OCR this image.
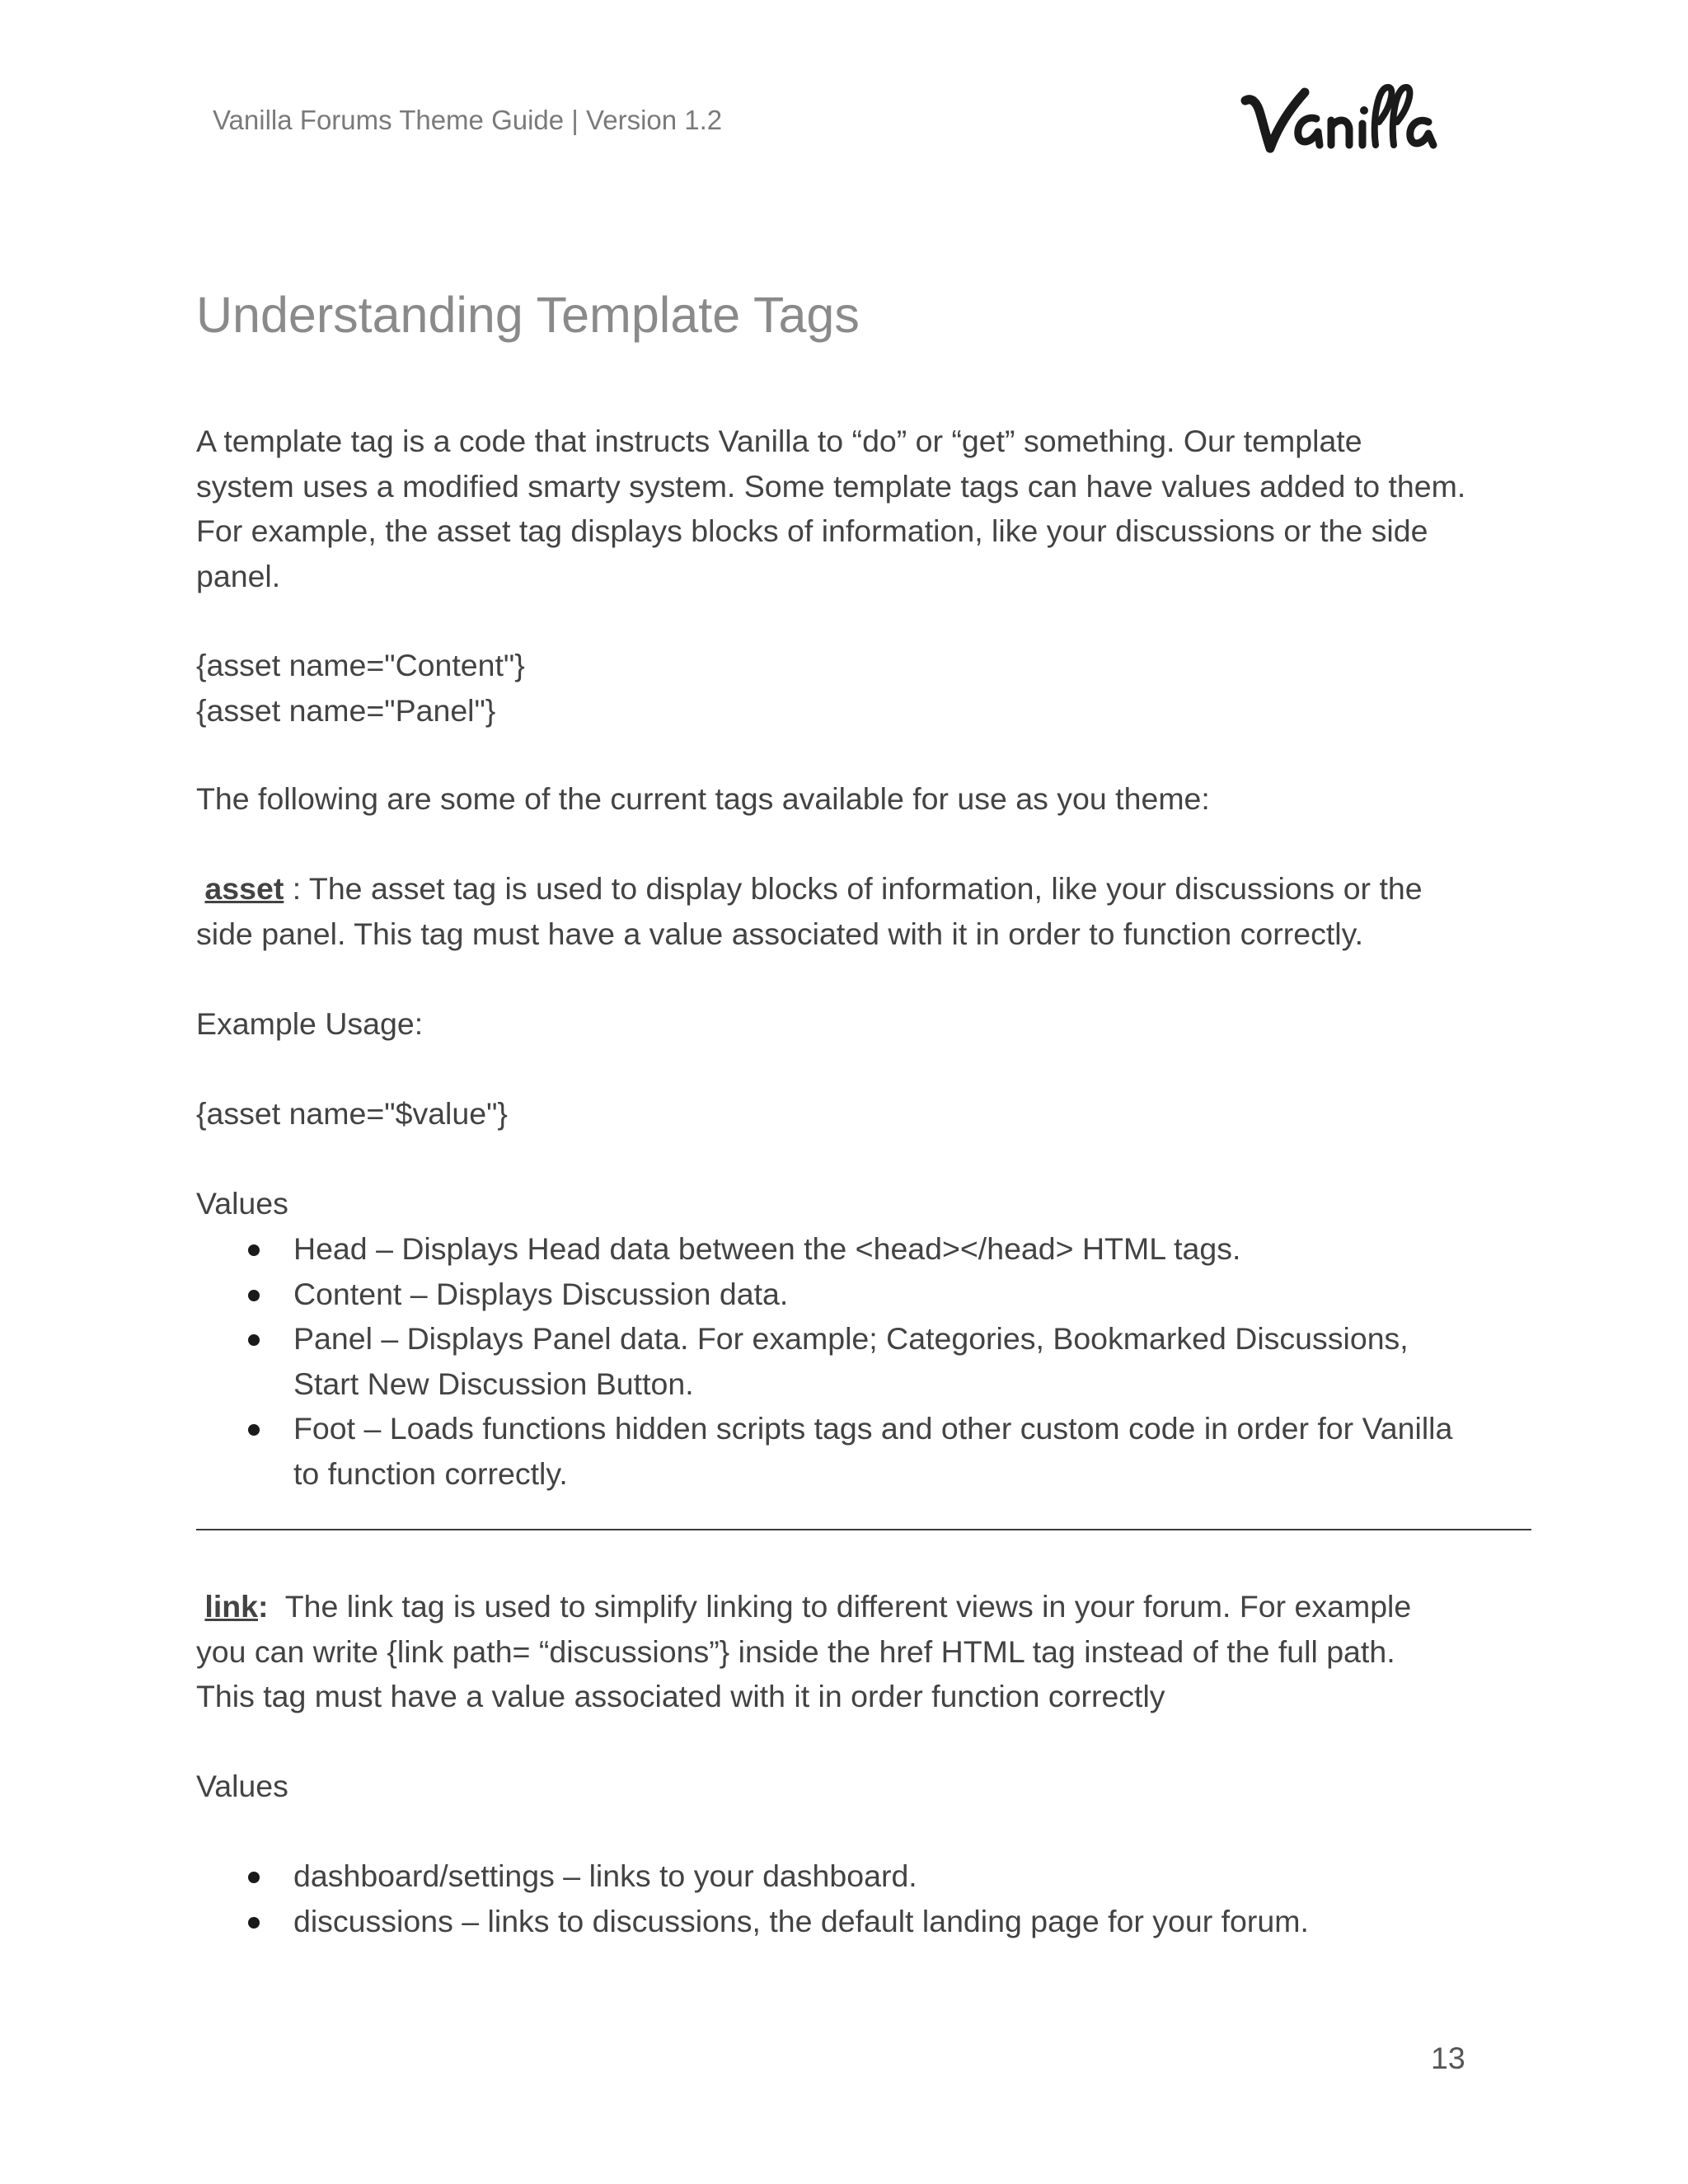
Vanilla Forums Theme Guide | Version 1.2
Understanding Template Tags
A template tag is a code that instructs Vanilla to “do” or “get” something. Our template
system uses a modified smarty system. Some template tags can have values added to them.
For example, the asset tag displays blocks of information, like your discussions or the side
panel.
{asset name="Content"}
{asset name="Panel"}
The following are some of the current tags available for use as you theme:
asset : The asset tag is used to display blocks of information, like your discussions or the
side panel. This tag must have a value associated with it in order to function correctly.
Example Usage:
{asset name="$value"}
Values
Head – Displays Head data between the <head></head> HTML tags.
Content – Displays Discussion data.
Panel – Displays Panel data. For example; Categories, Bookmarked Discussions,
Start New Discussion Button.
Foot – Loads functions hidden scripts tags and other custom code in order for Vanilla
to function correctly.
link:  The link tag is used to simplify linking to different views in your forum. For example
you can write {link path= “discussions”} inside the href HTML tag instead of the full path.
This tag must have a value associated with it in order function correctly
Values
dashboard/settings – links to your dashboard.
discussions – links to discussions, the default landing page for your forum.
13
